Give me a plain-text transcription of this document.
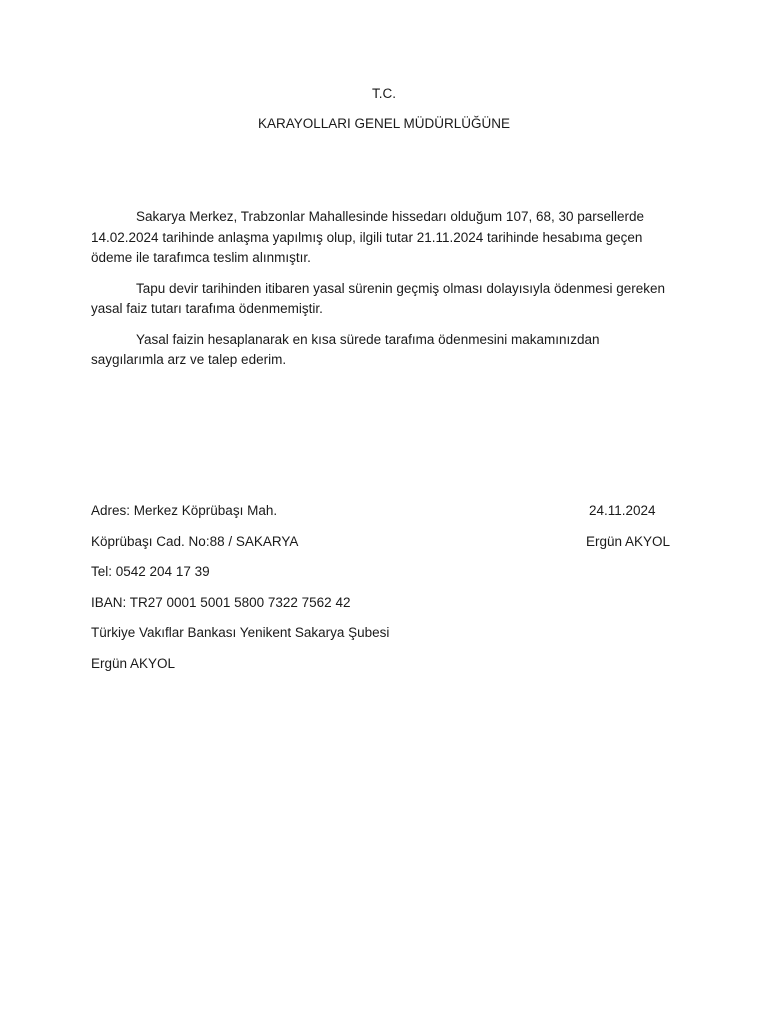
T.C.
KARAYOLLARI GENEL MÜDÜRLÜĞÜNE

Sakarya Merkez, Trabzonlar Mahallesinde hissedarı olduğum 107, 68, 30 parsellerde 14.02.2024 tarihinde anlaşma yapılmış olup, ilgili tutar 21.11.2024 tarihinde hesabıma geçen ödeme ile tarafımca teslim alınmıştır.

Tapu devir tarihinden itibaren yasal sürenin geçmiş olması dolayısıyla ödenmesi gereken yasal faiz tutarı tarafıma ödenmemiştir.

Yasal faizin hesaplanarak en kısa sürede tarafıma ödenmesini makamınızdan saygılarımla arz ve talep ederim.

Adres: Merkez Köprübaşı Mah.
Köprübaşı Cad. No:88 / SAKARYA
Tel: 0542 204 17 39
IBAN: TR27 0001 5001 5800 7322 7562 42
Türkiye Vakıflar Bankası Yenikent Sakarya Şubesi
Ergün AKYOL
24.11.2024
Ergün AKYOL
